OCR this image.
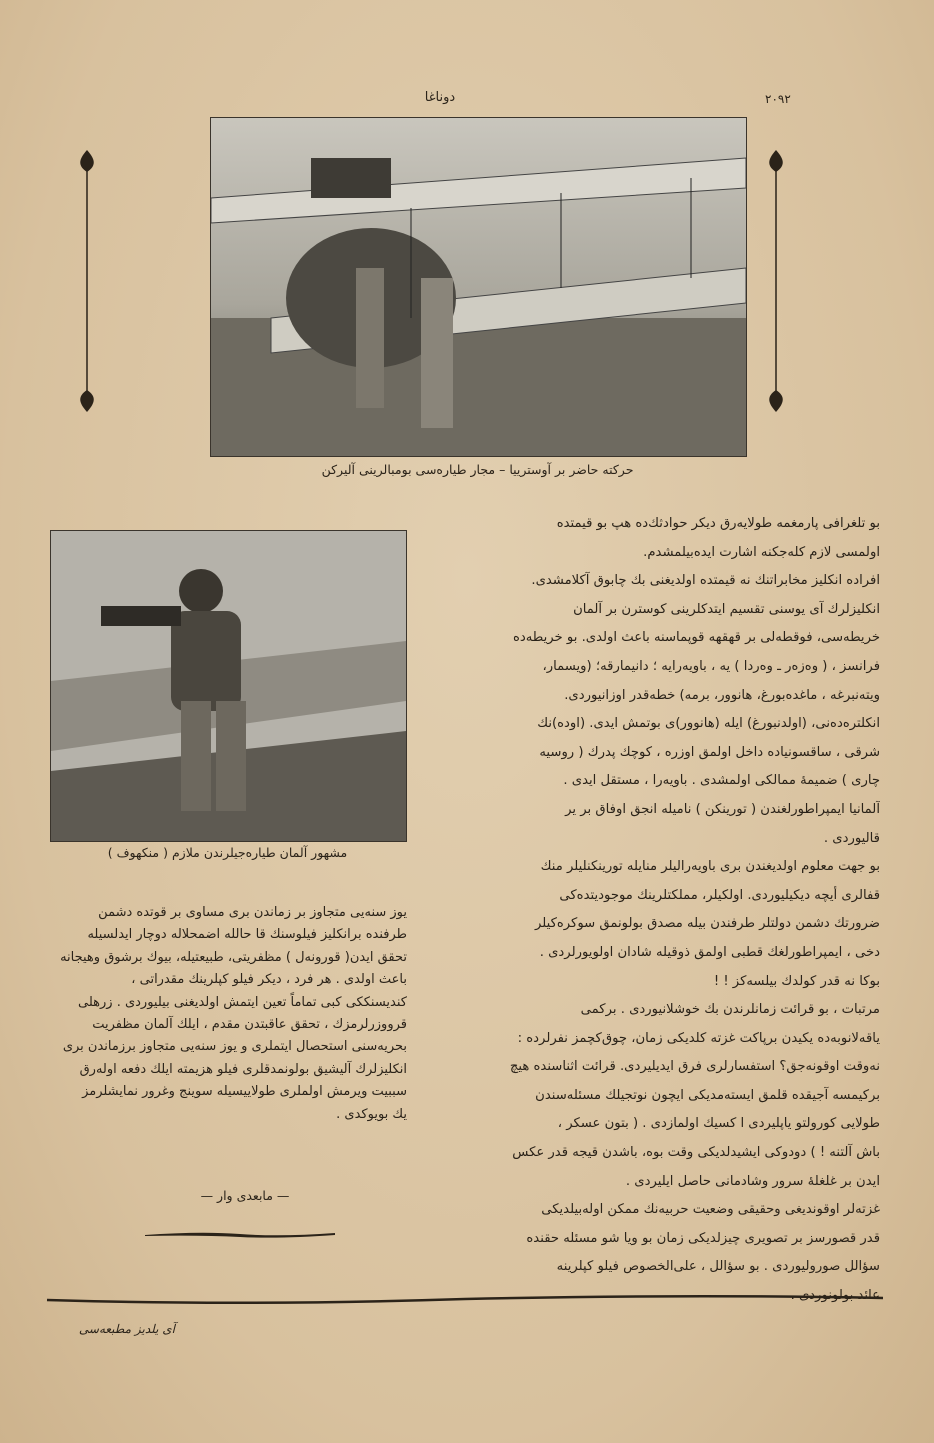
دوناغا	۲۰۹۲
حرکته حاضر بر آوسترییا – مجار طیاره‌سی بومبالرینی آلیرکن
مشهور آلمان طیاره‌جیلرندن ملازم ( منکهوف )
بو تلغرافی پارمغمه طولایه‌رق دیکر حوادثك‌ده هپ بو قیمتده
اولمسی لازم کله‌جکنه اشارت ایده‌بیلمشدم.
افراده انکلیز مخابراتنك نه قیمتده اولدیغنی بك چابوق آکلامشدی.
انکلیزلرك آی یوسنی تقسیم ایتدکلرینی کوسترن بر آلمان
خریطه‌سی، فوقطه‌لی بر قهقهه قوپماسنه باعث اولدی. بو خریطه‌ده
فرانسز ، ( وه‌زه‌ر ـ وه‌ردا ) یه ، باویه‌رایه ؛ دانیمارقه؛ (ویسمار،
ویته‌نبرغه ، ماغده‌بورغ، هانوور، برمه) خطه‌قدر اوزانیوردی.
انکلتره‌ده‌نی، (اولدنبورغ) ایله (هانوور)ی بوتمش ایدی. (اوده)نك
شرقی ، ساقسونیاده داخل اولمق اوزره ، کوچك پدرك ( روسیه
چاری ) ضمیمهٔ ممالکی اولمشدی . باویه‌را ، مستقل ایدی .
آلمانیا ایمپراطورلغندن ( تورینکن ) نامیله انجق اوفاق بر یر
قالیوردی .
بو جهت معلوم اولدیغندن بری باویه‌رالیلر منایله تورینکنلیلر منك
قفالری أیچه دیکیلیوردی. اولکیلر، مملکتلرینك موجودیتده‌کی
ضرورتك دشمن دولتلر طرفندن بیله مصدق بولونمق سوکره‌کیلر
دخی ، ایمپراطورلغك قطبی اولمق ذوقیله شادان اولویورلردی .
بوکا نه قدر کولدك بیلسه‌کز ! !
مرتبات ، بو قرائت زمانلرندن بك خوشلانیوردی . برکمی
یاقه‌لانوبه‌ده یکیدن برپاکت غزته کلدیکی زمان، چوق‌کچمز نفرلرده :
نه‌وقت اوقونه‌جق؟ استفسارلری فرق ایدیلیردی. قرائت اثناسنده هیچ
برکیمسه آجیقده قلمق ایسته‌مدیکی ایچون نوتجیلك مسئله‌سندن
طولایی کورولتو یاپلیردی ا کسیك اولمازدی . ( بتون عسکر ،
باش آلتنه ! ) دودوکی ایشیدلدیکی وقت بوه، باشدن قیجه قدر عکس
ایدن بر غلغلهٔ سرور وشادمانی حاصل ایلیردی .
غزته‌لر اوقوندیغی وحقیقی وضعیت حربیه‌نك ممکن اوله‌بیلدیکی
قدر قصورسز بر تصویری چیزلدیکی زمان بو ویا شو مسئله حقنده
سؤالل صورولیوردی . بو سؤالل ، علی‌الخصوص فیلو کپلرینه
عائد بولونوردی .
یوز سنه‌یی متجاوز بر زماندن بری مساوی بر قوتده دشمن
طرفنده برانکلیز فیلوسنك قا حالله اضمحلاله دوچار ایدلسیله
تحقق ایدن( قورونه‌ل ) مظفریتی، طبیعتیله، بیوك برشوق وهیجانه
باعث اولدی . هر فرد ، دیکر فیلو کپلرینك مقدراتی ،
کندیسنککی کبی تماماً تعین ایتمش اولدیغنی بیلیوردی . زرهلی
قرووزرلرمزك ، تحقق عاقبتدن مقدم ، ایلك آلمان مظفریت
بحریه‌سنی استحصال ایتملری و یوز سنه‌یی متجاوز برزماندن بری
انکلیزلرك آلیشیق بولونمدقلری فیلو هزیمته ایلك دفعه اوله‌رق
سببیت ویرمش اولملری طولاییسیله سوینج وغرور نمایشلرمز
یك بویوکدی .
— مابعدی وار —
آی یلدیز مطبعه‌سی
